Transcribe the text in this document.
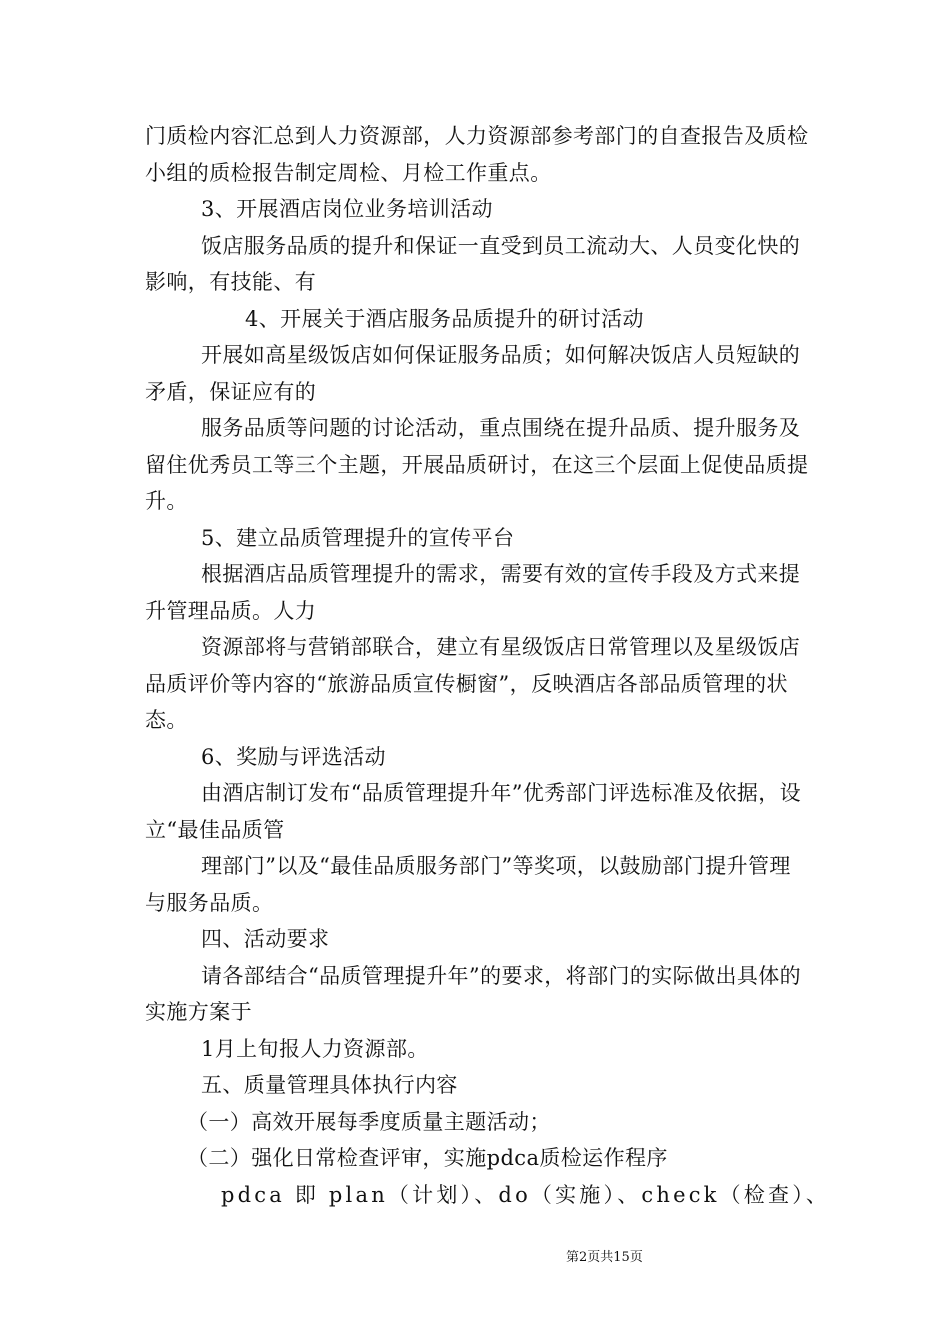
门质检内容汇总到人力资源部，人力资源部参考部门的自查报告及质检小组的质检报告制定周检、月检工作重点。

3、开展酒店岗位业务培训活动

饭店服务品质的提升和保证一直受到员工流动大、人员变化快的影响，有技能、有

4、开展关于酒店服务品质提升的研讨活动

开展如高星级饭店如何保证服务品质；如何解决饭店人员短缺的矛盾，保证应有的

服务品质等问题的讨论活动，重点围绕在提升品质、提升服务及留住优秀员工等三个主题，开展品质研讨，在这三个层面上促使品质提升。

5、建立品质管理提升的宣传平台

根据酒店品质管理提升的需求，需要有效的宣传手段及方式来提升管理品质。人力

资源部将与营销部联合，建立有星级饭店日常管理以及星级饭店品质评价等内容的“旅游品质宣传橱窗”，反映酒店各部品质管理的状态。

6、奖励与评选活动

由酒店制订发布“品质管理提升年”优秀部门评选标准及依据，设立“最佳品质管

理部门”以及“最佳品质服务部门”等奖项，以鼓励部门提升管理与服务品质。

四、活动要求

请各部结合“品质管理提升年”的要求，将部门的实际做出具体的实施方案于

1月上旬报人力资源部。

五、质量管理具体执行内容

（一）高效开展每季度质量主题活动；

（二）强化日常检查评审，实施pdca质检运作程序

pdca 即 plan（计划）、do（实施）、check（检查）、

第2页共15页
